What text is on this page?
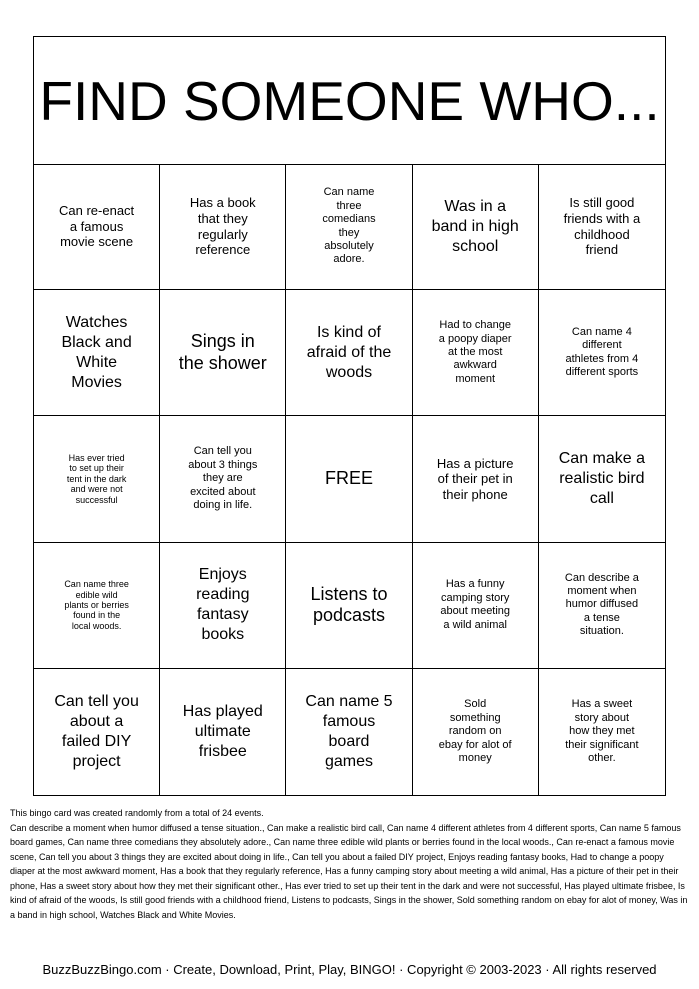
FIND SOMEONE WHO...
Can re-enact a famous movie scene
Has a book that they regularly reference
Can name three comedians they absolutely adore.
Was in a band in high school
Is still good friends with a childhood friend
Watches Black and White Movies
Sings in the shower
Is kind of afraid of the woods
Had to change a poopy diaper at the most awkward moment
Can name 4 different athletes from 4 different sports
Has ever tried to set up their tent in the dark and were not successful
Can tell you about 3 things they are excited about doing in life.
FREE
Has a picture of their pet in their phone
Can make a realistic bird call
Can name three edible wild plants or berries found in the local woods.
Enjoys reading fantasy books
Listens to podcasts
Has a funny camping story about meeting a wild animal
Can describe a moment when humor diffused a tense situation.
Can tell you about a failed DIY project
Has played ultimate frisbee
Can name 5 famous board games
Sold something random on ebay for alot of money
Has a sweet story about how they met their significant other.
This bingo card was created randomly from a total of 24 events.
Can describe a moment when humor diffused a tense situation., Can make a realistic bird call, Can name 4 different athletes from 4 different sports, Can name 5 famous board games, Can name three comedians they absolutely adore., Can name three edible wild plants or berries found in the local woods., Can re-enact a famous movie scene, Can tell you about 3 things they are excited about doing in life., Can tell you about a failed DIY project, Enjoys reading fantasy books, Had to change a poopy diaper at the most awkward moment, Has a book that they regularly reference, Has a funny camping story about meeting a wild animal, Has a picture of their pet in their phone, Has a sweet story about how they met their significant other., Has ever tried to set up their tent in the dark and were not successful, Has played ultimate frisbee, Is kind of afraid of the woods, Is still good friends with a childhood friend, Listens to podcasts, Sings in the shower, Sold something random on ebay for alot of money, Was in a band in high school, Watches Black and White Movies.
BuzzBuzzBingo.com · Create, Download, Print, Play, BINGO! · Copyright © 2003-2023 · All rights reserved
